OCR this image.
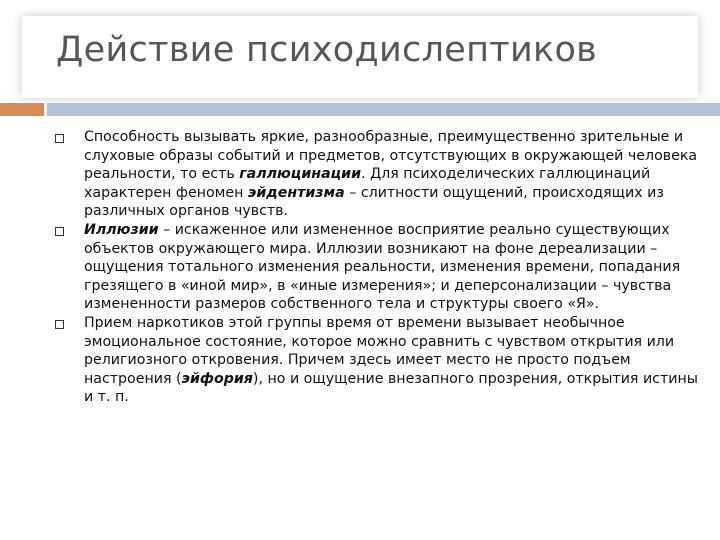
Действие психодислептиков
Способность вызывать яркие, разнообразные, преимущественно зрительные и слуховые образы событий и предметов, отсутствующих в окружающей человека реальности, то есть галлюцинации. Для психоделических галлюцинаций характерен феномен эйдентизма – слитности ощущений, происходящих из различных органов чувств.
Иллюзии – искаженное или измененное восприятие реально существующих объектов окружающего мира. Иллюзии возникают на фоне дереализации – ощущения тотального изменения реальности, изменения времени, попадания грезящего в «иной мир», в «иные измерения»; и деперсонализации – чувства измененности размеров собственного тела и структуры своего «Я».
Прием наркотиков этой группы время от времени вызывает необычное эмоциональное состояние, которое можно сравнить с чувством открытия или религиозного откровения. Причем здесь имеет место не просто подъем настроения (эйфория), но и ощущение внезапного прозрения, открытия истины и т. п.
